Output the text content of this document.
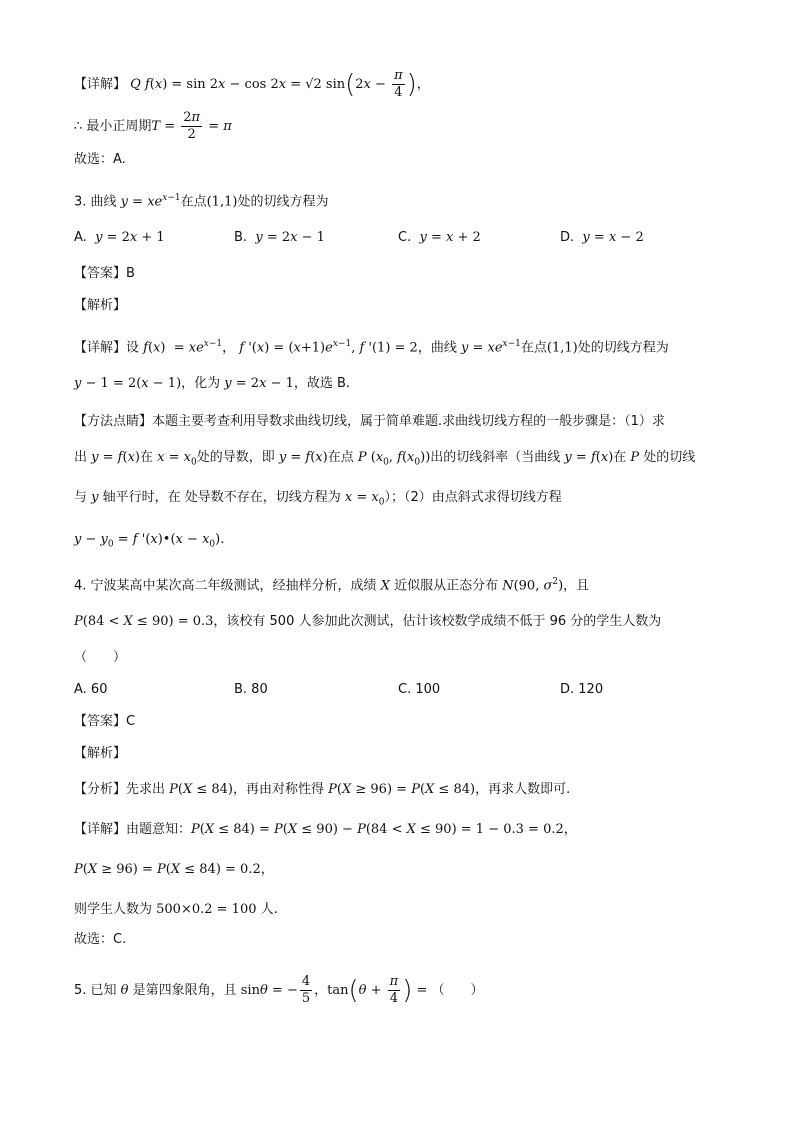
【详解】 Q f(x) = sin 2x − cos 2x = √2 $\sin(2x - \frac{\pi}{4}$ )，
∴ 最小正周期$T = \frac{2\pi}{2} = \pi$
故选：A.
3. 曲线 $y = xe^{x-1}$在点(1,1)处的切线方程为
A.  y = 2x + 1	B.  y = 2x − 1	C.  y = x + 2	D.  y = x − 2
【答案】B
【解析】
【详解】设 $f(x) = xe^{x-1}$， f '$(x) = (x+1)e^{x-1}$, f '(1) = 2，曲线 $y = xe^{x-1}$在点(1,1)处的切线方程为
y − 1 = 2(x − 1)，化为 y = 2x − 1，故选 B.
【方法点睛】本题主要考查利用导数求曲线切线，属于简单难题.求曲线切线方程的一般步骤是：（1）求
出 y = f(x)在 $x = x_0$处的导数，即 y = f(x)在点 P ($x_0$, $f(x_0)$)出的切线斜率（当曲线 y = f(x)在 P 处的切线
与 y 轴平行时，在 处导数不存在，切线方程为 $x = x_0$）；（2）由点斜式求得切线方程
$y - y_0 = f$ '(x)•(x − $x_0$).
4. 宁波某高中某次高二年级测试，经抽样分析，成绩 X 近似服从正态分布 N(90, $\sigma^2$)，且
P(84 < X ≤ 90) = 0.3，该校有 500 人参加此次测试，估计该校数学成绩不低于 96 分的学生人数为
（　　）
A. 60	B. 80	C. 100	D. 120
【答案】C
【解析】
【分析】先求出 P(X ≤ 84)，再由对称性得 P(X ≥ 96) = P(X ≤ 84)，再求人数即可.
【详解】由题意知：P(X ≤ 84) = P(X ≤ 90) − P(84 < X ≤ 90) = 1 − 0.3 = 0.2，
P(X ≥ 96) = P(X ≤ 84) = 0.2，
则学生人数为 500×0.2 = 100 人.
故选：C.
5. 已知 θ 是第四象限角，且 sinθ = − $\frac{4}{5}$ ，$\tan(\theta + \frac{\pi}{4}$ ) = （　　）
